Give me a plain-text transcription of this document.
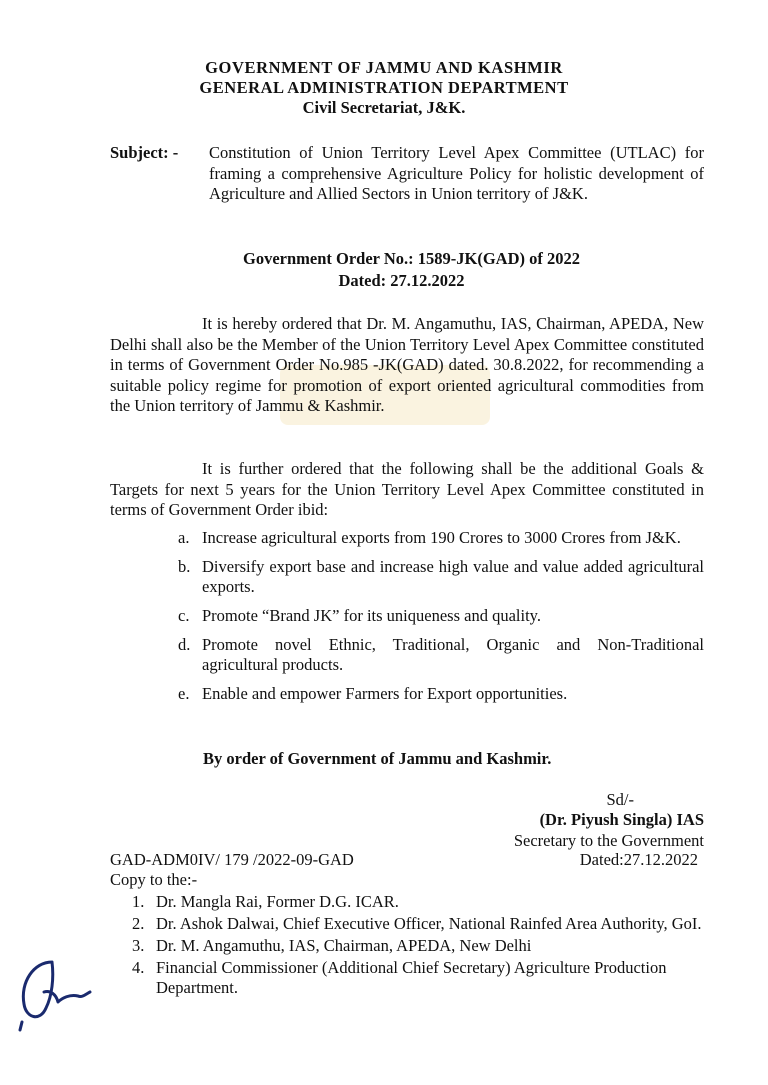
GOVERNMENT OF JAMMU AND KASHMIR
GENERAL ADMINISTRATION DEPARTMENT
Civil Secretariat, J&K.
Subject: - Constitution of Union Territory Level Apex Committee (UTLAC) for framing a comprehensive Agriculture Policy for holistic development of Agriculture and Allied Sectors in Union territory of J&K.
Government Order No.: 1589-JK(GAD) of 2022
Dated: 27.12.2022
It is hereby ordered that Dr. M. Angamuthu, IAS, Chairman, APEDA, New Delhi shall also be the Member of the Union Territory Level Apex Committee constituted in terms of Government Order No.985 -JK(GAD) dated. 30.8.2022, for recommending a suitable policy regime for promotion of export oriented agricultural commodities from the Union territory of Jammu & Kashmir.
It is further ordered that the following shall be the additional Goals & Targets for next 5 years for the Union Territory Level Apex Committee constituted in terms of Government Order ibid:
a. Increase agricultural exports from 190 Crores to 3000 Crores from J&K.
b. Diversify export base and increase high value and value added agricultural exports.
c. Promote “Brand JK” for its uniqueness and quality.
d. Promote novel Ethnic, Traditional, Organic and Non-Traditional agricultural products.
e. Enable and empower Farmers for Export opportunities.
By order of Government of Jammu and Kashmir.
Sd/-
(Dr. Piyush Singla) IAS
Secretary to the Government
GAD-ADM0IV/ 179 /2022-09-GAD	Dated:27.12.2022
Copy to the:-
1. Dr. Mangla Rai, Former D.G. ICAR.
2. Dr. Ashok Dalwai, Chief Executive Officer, National Rainfed Area Authority, GoI.
3. Dr. M. Angamuthu, IAS, Chairman, APEDA, New Delhi
4. Financial Commissioner (Additional Chief Secretary) Agriculture Production Department.
